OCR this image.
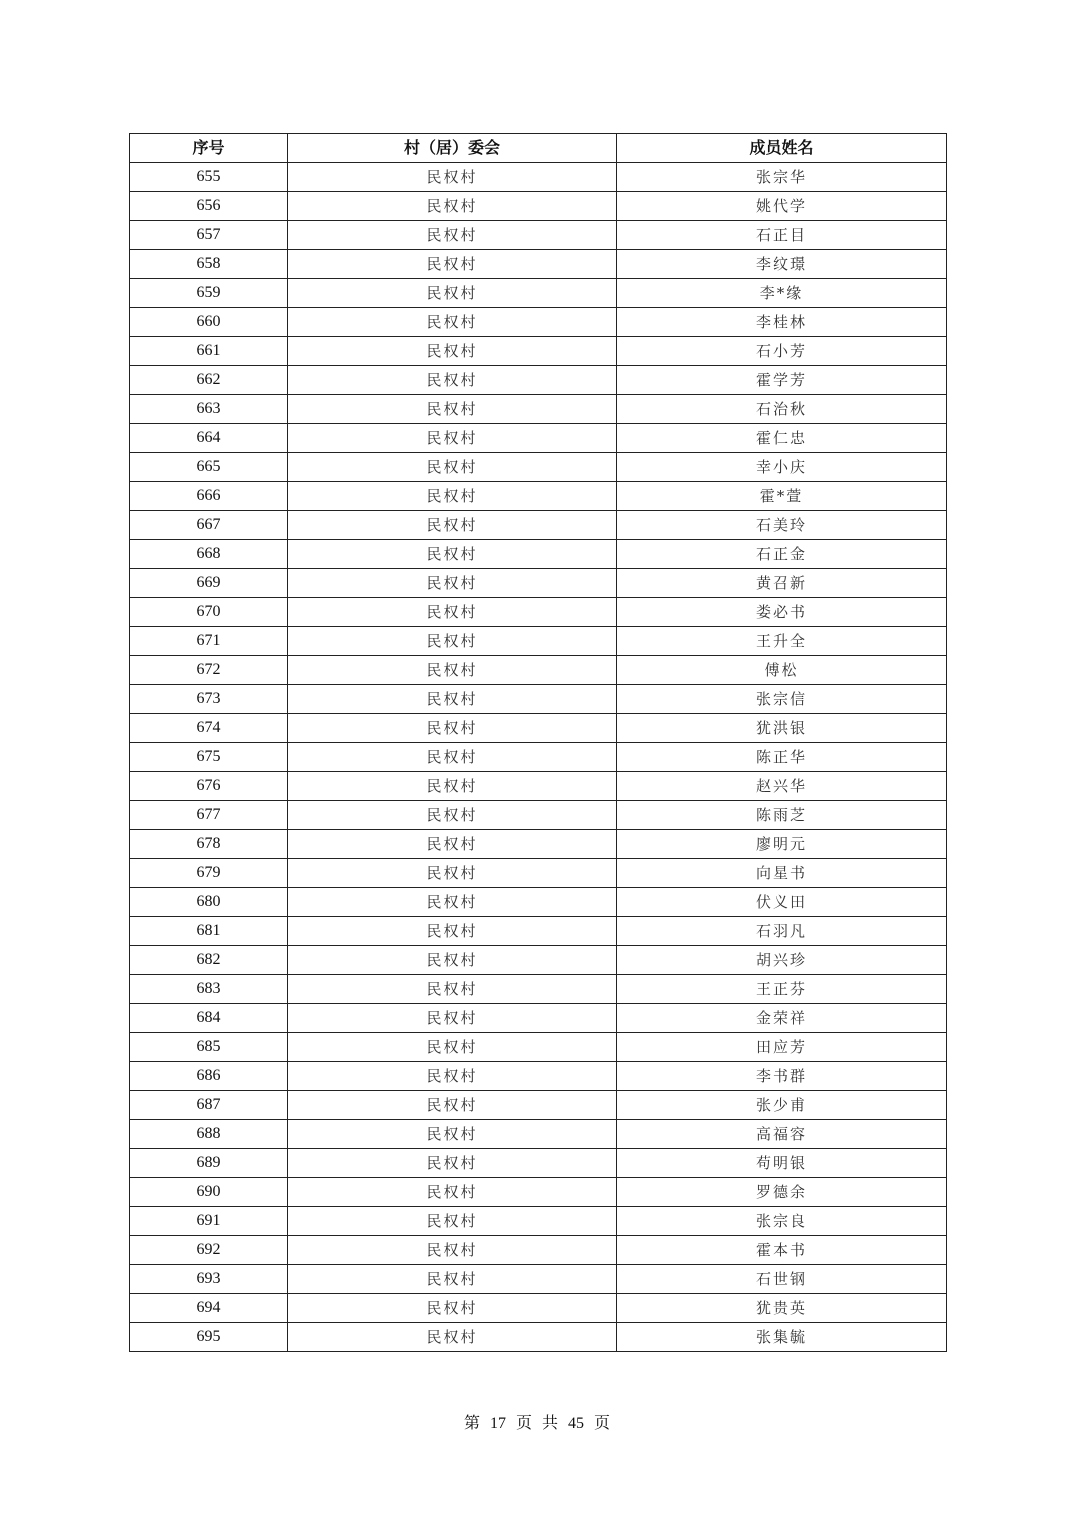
序号	村（居）委会	成员姓名
655	民权村	张宗华
656	民权村	姚代学
657	民权村	石正目
658	民权村	李纹璟
659	民权村	李*缘
660	民权村	李桂林
661	民权村	石小芳
662	民权村	霍学芳
663	民权村	石治秋
664	民权村	霍仁忠
665	民权村	幸小庆
666	民权村	霍*萱
667	民权村	石美玲
668	民权村	石正金
669	民权村	黄召新
670	民权村	娄必书
671	民权村	王升全
672	民权村	傅松
673	民权村	张宗信
674	民权村	犹洪银
675	民权村	陈正华
676	民权村	赵兴华
677	民权村	陈雨芝
678	民权村	廖明元
679	民权村	向星书
680	民权村	伏义田
681	民权村	石羽凡
682	民权村	胡兴珍
683	民权村	王正芬
684	民权村	金荣祥
685	民权村	田应芳
686	民权村	李书群
687	民权村	张少甫
688	民权村	高福容
689	民权村	苟明银
690	民权村	罗德余
691	民权村	张宗良
692	民权村	霍本书
693	民权村	石世钢
694	民权村	犹贵英
695	民权村	张集毓
第 17 页 共 45 页
